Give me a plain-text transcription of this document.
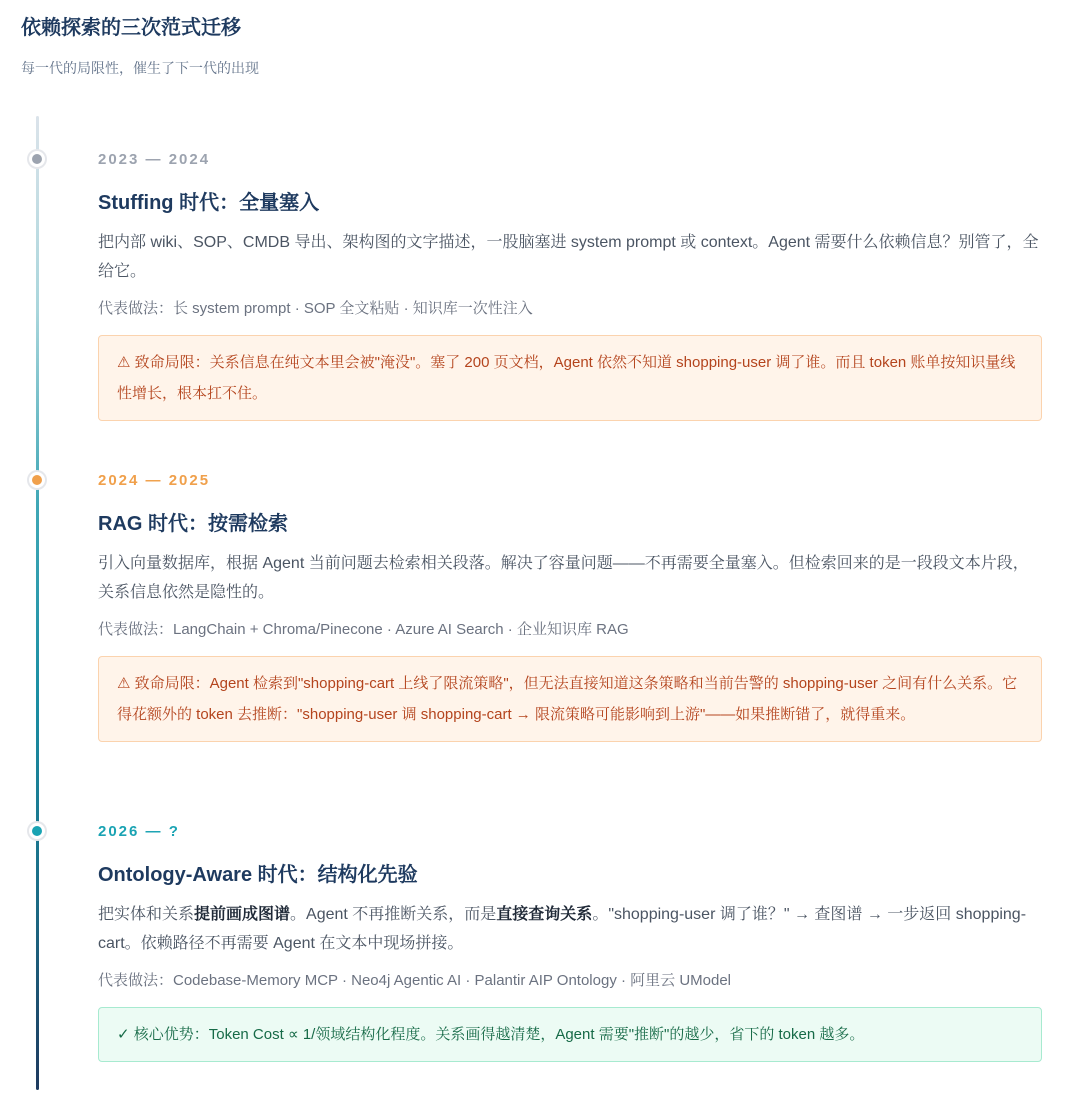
依赖探索的三次范式迁移
每一代的局限性，催生了下一代的出现
2023 — 2024
Stuffing 时代：全量塞入
把内部 wiki、SOP、CMDB 导出、架构图的文字描述，一股脑塞进 system prompt 或 context。Agent 需要什么依赖信息？别管了，全给它。
代表做法：长 system prompt · SOP 全文粘贴 · 知识库一次性注入
⚠ 致命局限：关系信息在纯文本里会被"淹没"。塞了 200 页文档，Agent 依然不知道 shopping-user 调了谁。而且 token 账单按知识量线性增长，根本扛不住。
2024 — 2025
RAG 时代：按需检索
引入向量数据库，根据 Agent 当前问题去检索相关段落。解决了容量问题——不再需要全量塞入。但检索回来的是一段段文本片段，关系信息依然是隐性的。
代表做法：LangChain + Chroma/Pinecone · Azure AI Search · 企业知识库 RAG
⚠ 致命局限：Agent 检索到"shopping-cart 上线了限流策略"，但无法直接知道这条策略和当前告警的 shopping-user 之间有什么关系。它得花额外的 token 去推断："shopping-user 调 shopping-cart → 限流策略可能影响到上游"——如果推断错了，就得重来。
2026 — ?
Ontology-Aware 时代：结构化先验
把实体和关系提前画成图谱。Agent 不再推断关系，而是直接查询关系。"shopping-user 调了谁？" → 查图谱 → 一步返回 shopping-cart。依赖路径不再需要 Agent 在文本中现场拼接。
代表做法：Codebase-Memory MCP · Neo4j Agentic AI · Palantir AIP Ontology · 阿里云 UModel
✓ 核心优势：Token Cost ∝ 1/领域结构化程度。关系画得越清楚，Agent 需要"推断"的越少，省下的 token 越多。
